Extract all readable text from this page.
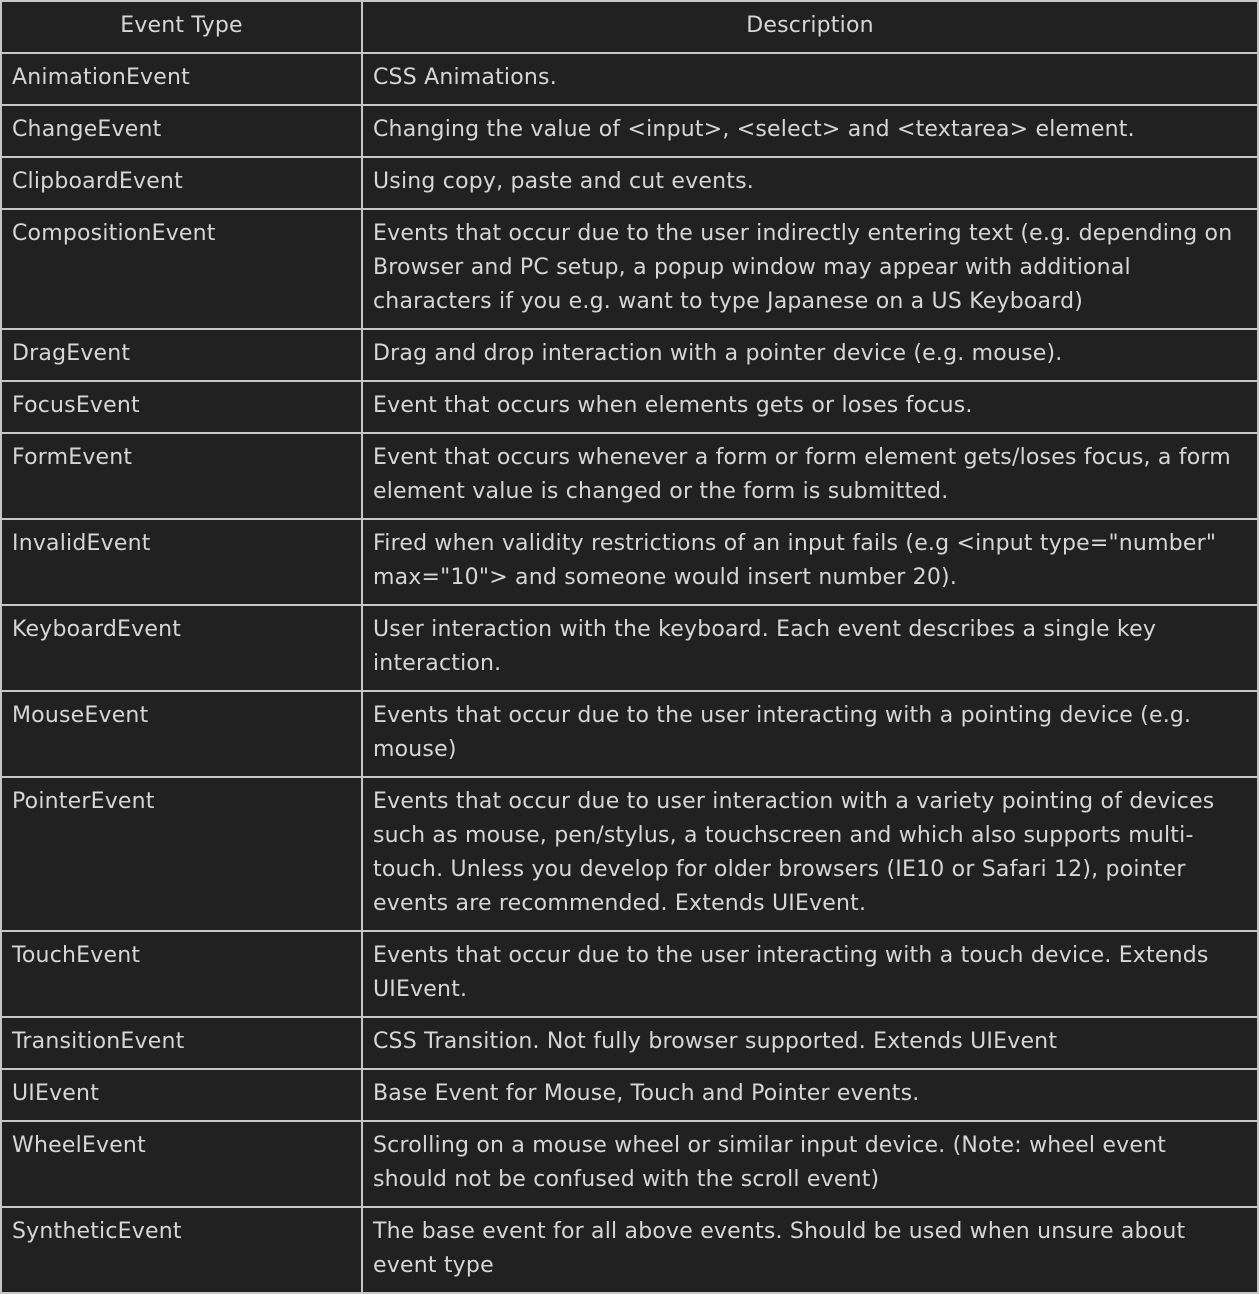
Event Type	Description
AnimationEvent	CSS Animations.
ChangeEvent	Changing the value of <input>, <select> and <textarea> element.
ClipboardEvent	Using copy, paste and cut events.
CompositionEvent	Events that occur due to the user indirectly entering text (e.g. depending on Browser and PC setup, a popup window may appear with additional characters if you e.g. want to type Japanese on a US Keyboard)
DragEvent	Drag and drop interaction with a pointer device (e.g. mouse).
FocusEvent	Event that occurs when elements gets or loses focus.
FormEvent	Event that occurs whenever a form or form element gets/loses focus, a form element value is changed or the form is submitted.
InvalidEvent	Fired when validity restrictions of an input fails (e.g <input type="number" max="10"> and someone would insert number 20).
KeyboardEvent	User interaction with the keyboard. Each event describes a single key interaction.
MouseEvent	Events that occur due to the user interacting with a pointing device (e.g. mouse)
PointerEvent	Events that occur due to user interaction with a variety pointing of devices such as mouse, pen/stylus, a touchscreen and which also supports multi-touch. Unless you develop for older browsers (IE10 or Safari 12), pointer events are recommended. Extends UIEvent.
TouchEvent	Events that occur due to the user interacting with a touch device. Extends UIEvent.
TransitionEvent	CSS Transition. Not fully browser supported. Extends UIEvent
UIEvent	Base Event for Mouse, Touch and Pointer events.
WheelEvent	Scrolling on a mouse wheel or similar input device. (Note: wheel event should not be confused with the scroll event)
SyntheticEvent	The base event for all above events. Should be used when unsure about event type
